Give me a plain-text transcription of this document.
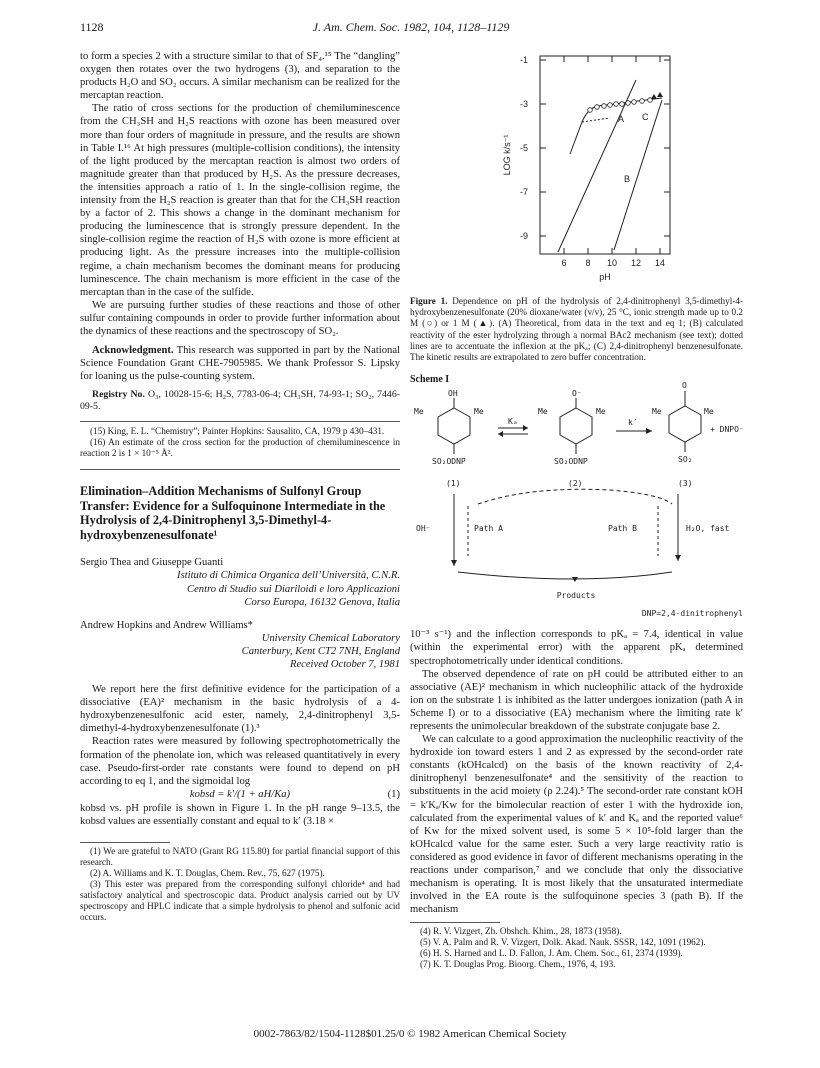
1128	J. Am. Chem. Soc. 1982, 104, 1128–1129

to form a species 2 with a structure similar to that of SF₄.¹⁵ The “dangling” oxygen then rotates over the two hydrogens (3), and separation to the products H₂O and SO₂ occurs. A similar mechanism can be realized for the mercaptan reaction.

The ratio of cross sections for the production of chemiluminescence from the CH₃SH and H₂S reactions with ozone has been measured over more than four orders of magnitude in pressure, and the results are shown in Table I.¹⁶ At high pressures (multiple-collision conditions), the intensity of the light produced by the mercaptan reaction is almost two orders of magnitude greater than that produced by H₂S. As the pressure decreases, the intensities approach a ratio of 1. In the single-collision regime, the intensity from the H₂S reaction is greater than that for the CH₃SH reaction by a factor of 2. This shows a change in the dominant mechanism for producing the luminescence that is strongly pressure dependent. In the single-collision regime the reaction of H₂S with ozone is more efficient at producing light. As the pressure increases into the multiple-collision regime, a chain mechanism becomes the dominant means for producing luminescence. The chain mechanism is more efficient in the case of the mercaptan than in the case of the sulfide.

We are pursuing further studies of these reactions and those of other sulfur containing compounds in order to provide further information about the dynamics of these reactions and the spectroscopy of SO₂.

Acknowledgment. This research was supported in part by the National Science Foundation Grant CHE-7905985. We thank Professor S. Lipsky for loaning us the pulse-counting system.

Registry No. O₃, 10028-15-6; H₂S, 7783-06-4; CH₃SH, 74-93-1; SO₂, 7446-09-5.

(15) King, E. L. “Chemistry”; Painter Hopkins: Sausalito, CA, 1979 p 430–431.

(16) An estimate of the cross section for the production of chemiluminescence in reaction 2 is 1 × 10⁻⁵ Å².

Elimination–Addition Mechanisms of Sulfonyl Group Transfer: Evidence for a Sulfoquinone Intermediate in the Hydrolysis of 2,4-Dinitrophenyl 3,5-Dimethyl-4-hydroxybenzenesulfonate¹

Sergio Thea and Giuseppe Guanti

Istituto di Chimica Organica dell’Università, C.N.R.
Centro di Studio sui Diariloidi e loro Applicazioni
Corso Europa, 16132 Genova, Italia

Andrew Hopkins and Andrew Williams*

University Chemical Laboratory
Canterbury, Kent CT2 7NH, England
Received October 7, 1981

We report here the first definitive evidence for the participation of a dissociative (EA)² mechanism in the basic hydrolysis of a 4-hydroxybenzenesulfonic acid ester, namely, 2,4-dinitrophenyl 3,5-dimethyl-4-hydroxybenzenesulfonate (1).³

Reaction rates were measured by following spectrophotometrically the formation of the phenolate ion, which was released quantitatively in every case. Pseudo-first-order rate constants were found to depend on pH according to eq 1, and the sigmoidal log

kobsd = k′/(1 + aH/Ka)	(1)

kobsd vs. pH profile is shown in Figure 1. In the pH range 9–13.5, the kobsd values are essentially constant and equal to k′ (3.18 ×

(1) We are grateful to NATO (Grant RG 115.80) for partial financial support of this research.

(2) A. Williams and K. T. Douglas, Chem. Rev., 75, 627 (1975).

(3) This ester was prepared from the corresponding sulfonyl chloride⁴ and had satisfactory analytical and spectroscopic data. Product analysis carried out by UV spectroscopy and HPLC indicate that a simple hydrolysis to phenol and sulfonic acid occurs.

-1
-3
-5
-7
-9
6 8 10 12 14
pH
LOG k/s⁻¹
A
B
C

Figure 1. Dependence on pH of the hydrolysis of 2,4-dinitrophenyl 3,5-dimethyl-4-hydroxybenzenesulfonate (20% dioxane/water (v/v), 25 °C, ionic strength made up to 0.2 M (○) or 1 M (▲). (A) Theoretical, from data in the text and eq 1; (B) calculated reactivity of the ester hydrolyzing through a normal BAc2 mechanism (see text); dotted lines are to accentuate the inflexion at the pKₐ; (C) 2,4-dinitrophenyl benzenesulfonate. The kinetic results are extrapolated to zero buffer concentration.

Scheme I
OH
Me	Me
SO₂ODNP
(1)
Kₐ
O⁻
Me	Me
SO₂ODNP
(2)
k′
O
Me	Me
SO₂
(3)
+ DNPO⁻
OH⁻	Path A	Path B	H₂O, fast
Products
DNP=2,4-dinitrophenyl

10⁻³ s⁻¹) and the inflection corresponds to pKₐ = 7.4, identical in value (within the experimental error) with the apparent pKₐ determined spectrophotometrically under identical conditions.

The observed dependence of rate on pH could be attributed either to an associative (AE)² mechanism in which nucleophilic attack of the hydroxide ion on the substrate 1 is inhibited as the latter undergoes ionization (path A in Scheme I) or to a dissociative (EA) mechanism where the limiting rate k′ represents the unimolecular breakdown of the substrate conjugate base 2.

We can calculate to a good approximation the nucleophilic reactivity of the hydroxide ion toward esters 1 and 2 as expressed by the second-order rate constants (kOHcalcd) on the basis of the known reactivity of 2,4-dinitrophenyl benzenesulfonate⁴ and the sensitivity of the reaction to substituents in the acid moiety (ρ 2.24).⁵ The second-order rate constant kOH = k′Kₐ/Kw for the bimolecular reaction of ester 1 with the hydroxide ion, calculated from the experimental values of k′ and Kₐ and the reported value⁶ of Kw for the mixed solvent used, is some 5 × 10⁵-fold larger than the kOHcalcd value for the same ester. Such a very large reactivity ratio is considered as good evidence in favor of different mechanisms operating in the reactions under comparison,⁷ and we conclude that only the dissociative mechanism is operating. It is most likely that the unsaturated intermediate involved in the EA route is the sulfoquinone species 3 (path B). If the mechanism

(4) R. V. Vizgert, Zh. Obshch. Khim., 28, 1873 (1958).

(5) V. A. Palm and R. V. Vizgert, Dolk. Akad. Nauk. SSSR, 142, 1091 (1962).

(6) H. S. Harned and L. D. Fallon, J. Am. Chem. Soc., 61, 2374 (1939).

(7) K. T. Douglas Prog. Bioorg. Chem., 1976, 4, 193.

0002-7863/82/1504-1128$01.25/0 © 1982 American Chemical Society
